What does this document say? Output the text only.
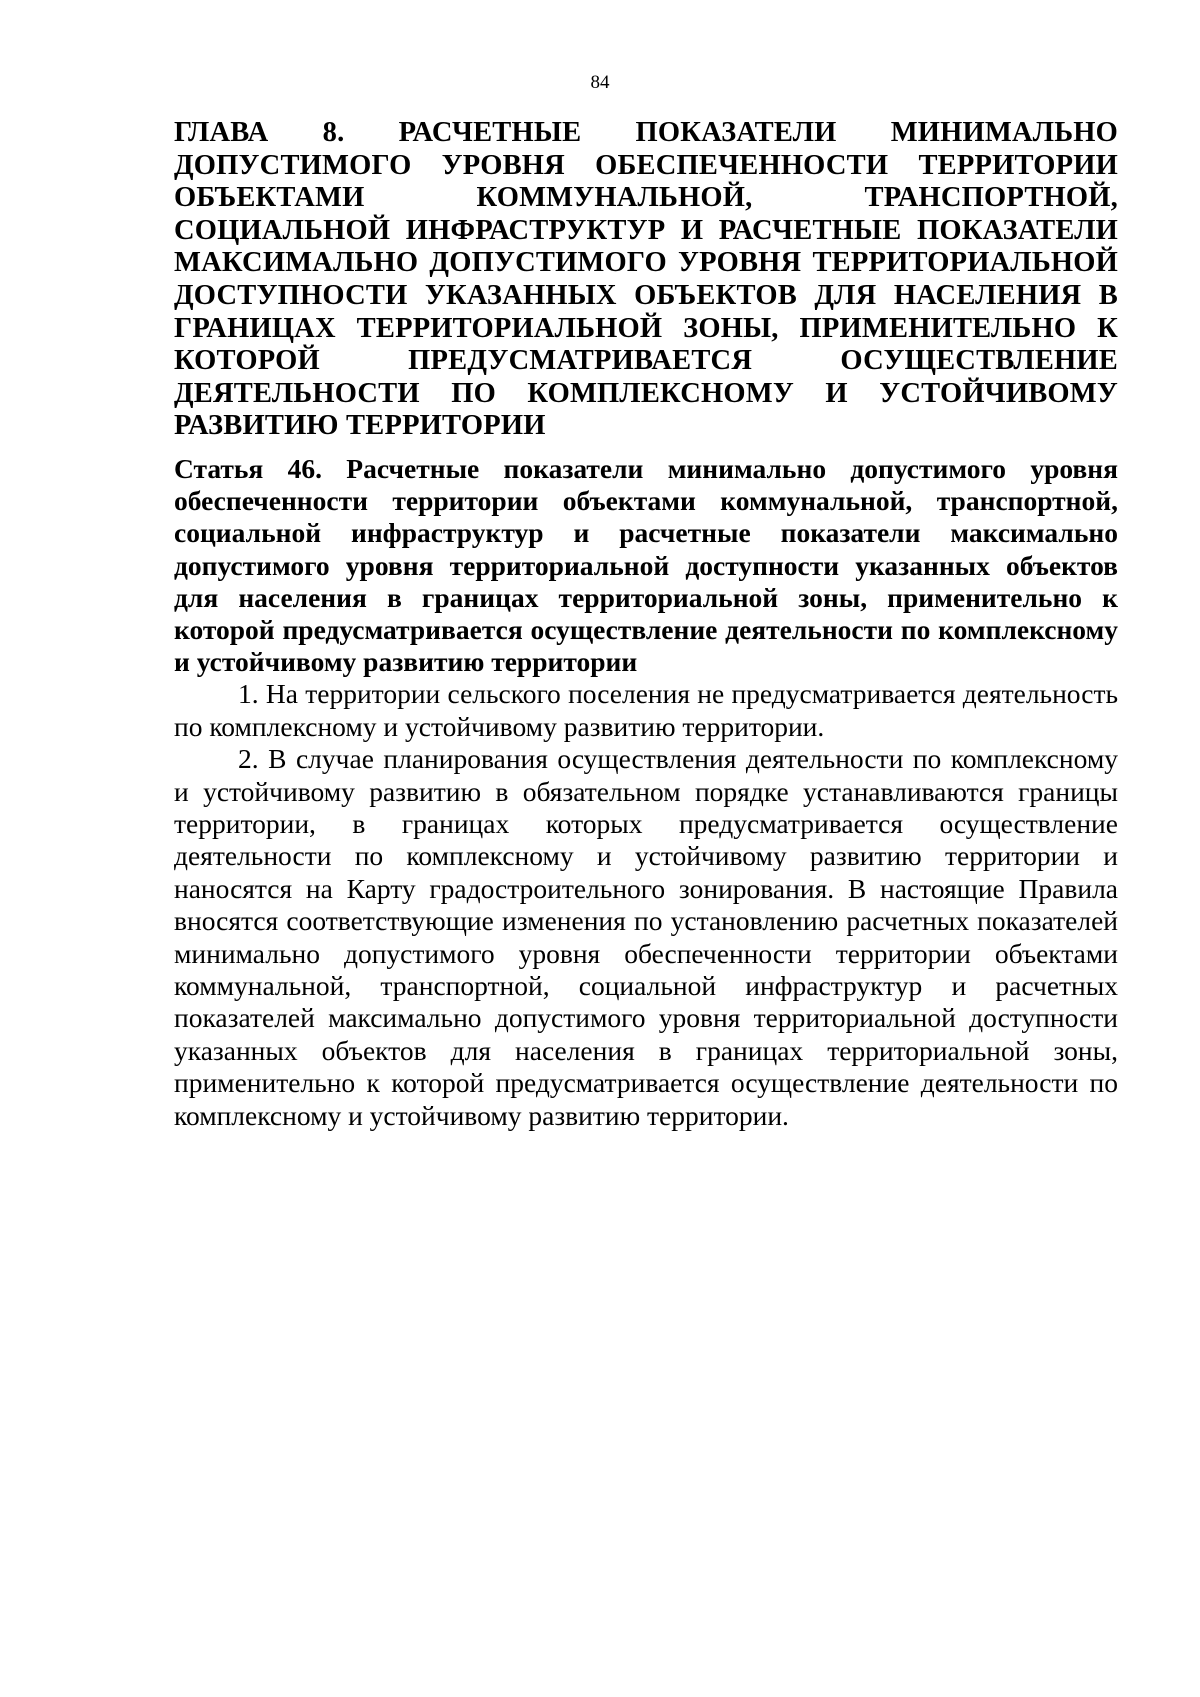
84
ГЛАВА 8. РАСЧЕТНЫЕ ПОКАЗАТЕЛИ МИНИМАЛЬНО ДОПУСТИМОГО УРОВНЯ ОБЕСПЕЧЕННОСТИ ТЕРРИТОРИИ ОБЪЕКТАМИ КОММУНАЛЬНОЙ, ТРАНСПОРТНОЙ, СОЦИАЛЬНОЙ ИНФРАСТРУКТУР И РАСЧЕТНЫЕ ПОКАЗАТЕЛИ МАКСИМАЛЬНО ДОПУСТИМОГО УРОВНЯ ТЕРРИТОРИАЛЬНОЙ ДОСТУПНОСТИ УКАЗАННЫХ ОБЪЕКТОВ ДЛЯ НАСЕЛЕНИЯ В ГРАНИЦАХ ТЕРРИТОРИАЛЬНОЙ ЗОНЫ, ПРИМЕНИТЕЛЬНО К КОТОРОЙ ПРЕДУСМАТРИВАЕТСЯ ОСУЩЕСТВЛЕНИЕ ДЕЯТЕЛЬНОСТИ ПО КОМПЛЕКСНОМУ И УСТОЙЧИВОМУ РАЗВИТИЮ ТЕРРИТОРИИ
Статья 46. Расчетные показатели минимально допустимого уровня обеспеченности территории объектами коммунальной, транспортной, социальной инфраструктур и расчетные показатели максимально допустимого уровня территориальной доступности указанных объектов для населения в границах территориальной зоны, применительно к которой предусматривается осуществление деятельности по комплексному и устойчивому развитию территории

1. На территории сельского поселения не предусматривается деятельность по комплексному и устойчивому развитию территории.

2. В случае планирования осуществления деятельности по комплексному и устойчивому развитию в обязательном порядке устанавливаются границы территории, в границах которых предусматривается осуществление деятельности по комплексному и устойчивому развитию территории и наносятся на Карту градостроительного зонирования. В настоящие Правила вносятся соответствующие изменения по установлению расчетных показателей минимально допустимого уровня обеспеченности территории объектами коммунальной, транспортной, социальной инфраструктур и расчетных показателей максимально допустимого уровня территориальной доступности указанных объектов для населения в границах территориальной зоны, применительно к которой предусматривается осуществление деятельности по комплексному и устойчивому развитию территории.
